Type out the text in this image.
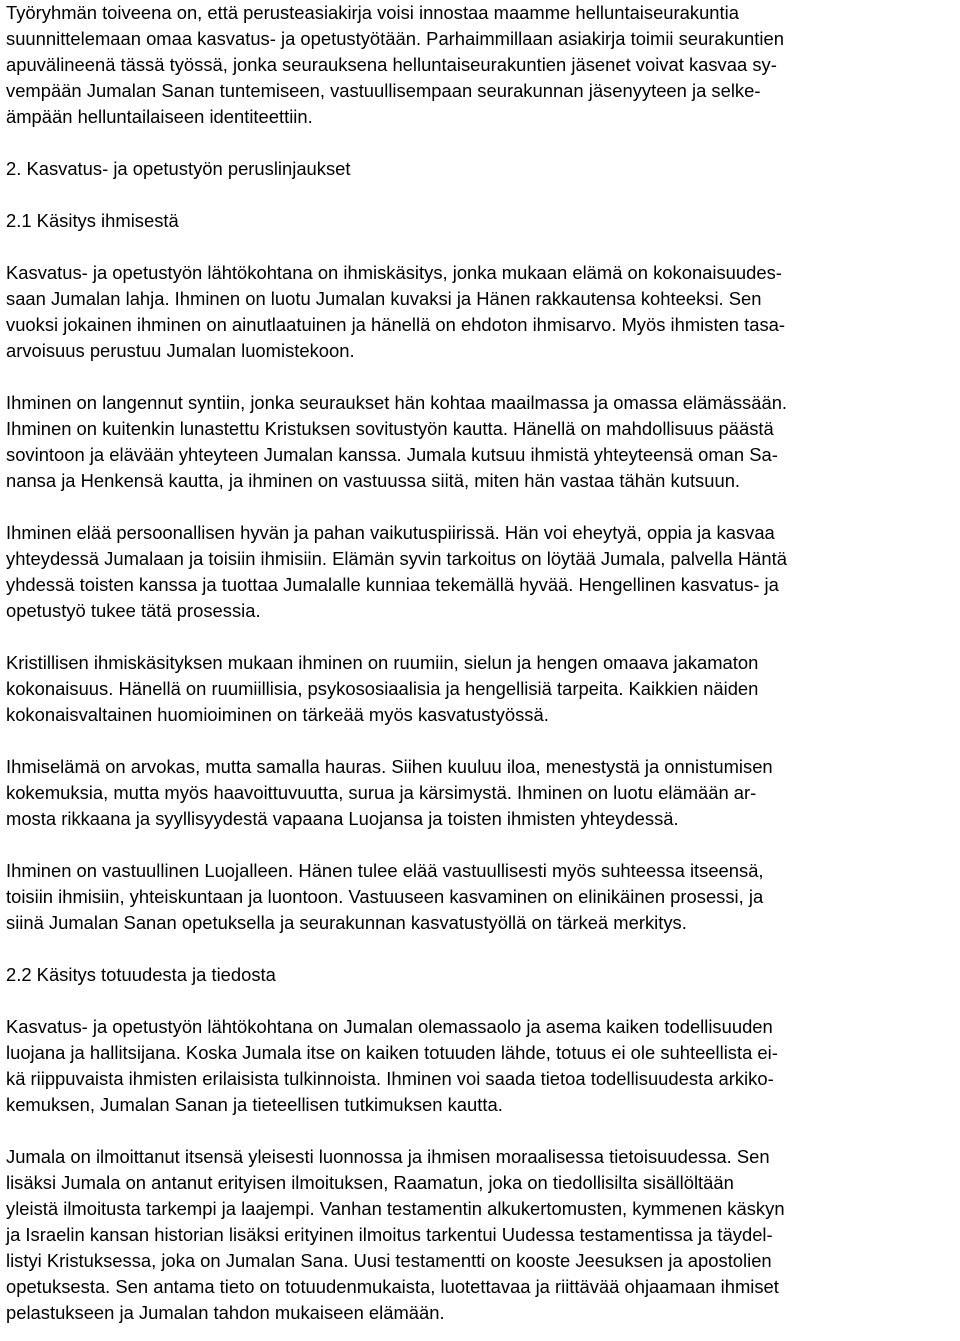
Työryhmän toiveena on, että perusteasiakirja voisi innostaa maamme helluntaiseurakuntia
suunnittelemaan omaa kasvatus- ja opetustyötään. Parhaimmillaan asiakirja toimii seurakuntien
apuvälineenä tässä työssä, jonka seurauksena helluntaiseurakuntien jäsenet voivat kasvaa sy-
vempään Jumalan Sanan tuntemiseen, vastuullisempaan seurakunnan jäsenyyteen ja selke-
ämpään helluntailaiseen identiteettiin.
2. Kasvatus- ja opetustyön peruslinjaukset
2.1 Käsitys ihmisestä
Kasvatus- ja opetustyön lähtökohtana on ihmiskäsitys, jonka mukaan elämä on kokonaisuudes-
saan Jumalan lahja. Ihminen on luotu Jumalan kuvaksi ja Hänen rakkautensa kohteeksi. Sen
vuoksi jokainen ihminen on ainutlaatuinen ja hänellä on ehdoton ihmisarvo. Myös ihmisten tasa-
arvoisuus perustuu Jumalan luomistekoon.
Ihminen on langennut syntiin, jonka seuraukset hän kohtaa maailmassa ja omassa elämässään.
Ihminen on kuitenkin lunastettu Kristuksen sovitustyön kautta. Hänellä on mahdollisuus päästä
sovintoon ja elävään yhteyteen Jumalan kanssa. Jumala kutsuu ihmistä yhteyteensä oman Sa-
nansa ja Henkensä kautta, ja ihminen on vastuussa siitä, miten hän vastaa tähän kutsuun.
Ihminen elää persoonallisen hyvän ja pahan vaikutuspiirissä. Hän voi eheytyä, oppia ja kasvaa
yhteydessä Jumalaan ja toisiin ihmisiin. Elämän syvin tarkoitus on löytää Jumala, palvella Häntä
yhdessä toisten kanssa ja tuottaa Jumalalle kunniaa tekemällä hyvää. Hengellinen kasvatus- ja
opetustyö tukee tätä prosessia.
Kristillisen ihmiskäsityksen mukaan ihminen on ruumiin, sielun ja hengen omaava jakamaton
kokonaisuus. Hänellä on ruumiillisia, psykososiaalisia ja hengellisiä tarpeita. Kaikkien näiden
kokonaisvaltainen huomioiminen on tärkeää myös kasvatustyössä.
Ihmiselämä on arvokas, mutta samalla hauras. Siihen kuuluu iloa, menestystä ja onnistumisen
kokemuksia, mutta myös haavoittuvuutta, surua ja kärsimystä. Ihminen on luotu elämään ar-
mosta rikkaana ja syyllisyydestä vapaana Luojansa ja toisten ihmisten yhteydessä.
Ihminen on vastuullinen Luojalleen. Hänen tulee elää vastuullisesti myös suhteessa itseensä,
toisiin ihmisiin, yhteiskuntaan ja luontoon. Vastuuseen kasvaminen on elinikäinen prosessi, ja
siinä Jumalan Sanan opetuksella ja seurakunnan kasvatustyöllä on tärkeä merkitys.
2.2 Käsitys totuudesta ja tiedosta
Kasvatus- ja opetustyön lähtökohtana on Jumalan olemassaolo ja asema kaiken todellisuuden
luojana ja hallitsijana. Koska Jumala itse on kaiken totuuden lähde, totuus ei ole suhteellista ei-
kä riippuvaista ihmisten erilaisista tulkinnoista. Ihminen voi saada tietoa todellisuudesta arkiko-
kemuksen, Jumalan Sanan ja tieteellisen tutkimuksen kautta.
Jumala on ilmoittanut itsensä yleisesti luonnossa ja ihmisen moraalisessa tietoisuudessa. Sen
lisäksi Jumala on antanut erityisen ilmoituksen, Raamatun, joka on tiedollisilta sisällöltään
yleistä ilmoitusta tarkempi ja laajempi. Vanhan testamentin alkukertomusten, kymmenen käskyn
ja Israelin kansan historian lisäksi erityinen ilmoitus tarkentui Uudessa testamentissa ja täydel-
listyi Kristuksessa, joka on Jumalan Sana. Uusi testamentti on kooste Jeesuksen ja apostolien
opetuksesta. Sen antama tieto on totuudenmukaista, luotettavaa ja riittävää ohjaamaan ihmiset
pelastukseen ja Jumalan tahdon mukaiseen elämään.
